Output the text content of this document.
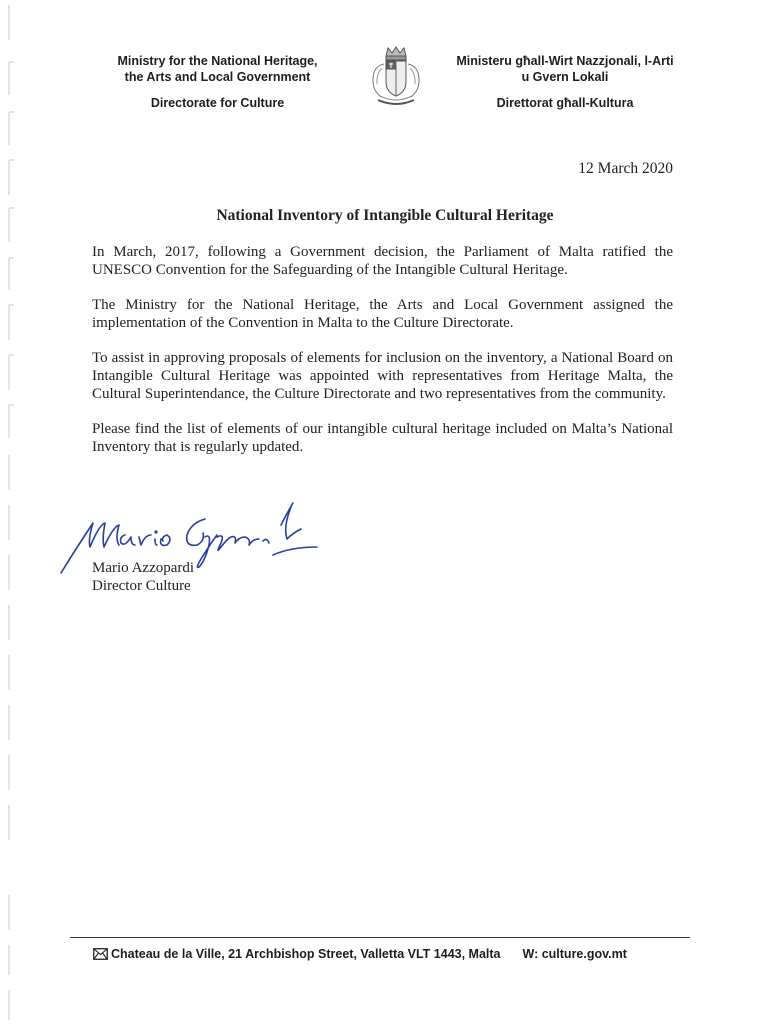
Ministry for the National Heritage,
the Arts and Local Government
Directorate for Culture
Ministeru għall-Wirt Nazzjonali, l-Arti
u Gvern Lokali
Direttorat għall-Kultura
12 March 2020
National Inventory of Intangible Cultural Heritage

In March, 2017, following a Government decision, the Parliament of Malta ratified the UNESCO Convention for the Safeguarding of the Intangible Cultural Heritage.

The Ministry for the National Heritage, the Arts and Local Government assigned the implementation of the Convention in Malta to the Culture Directorate.

To assist in approving proposals of elements for inclusion on the inventory, a National Board on Intangible Cultural Heritage was appointed with representatives from Heritage Malta, the Cultural Superintendance, the Culture Directorate and two representatives from the community.

Please find the list of elements of our intangible cultural heritage included on Malta’s National Inventory that is regularly updated.

Mario Azzopardi
Director Culture
Chateau de la Ville, 21 Archbishop Street, Valletta VLT 1443, Malta W: culture.gov.mt
